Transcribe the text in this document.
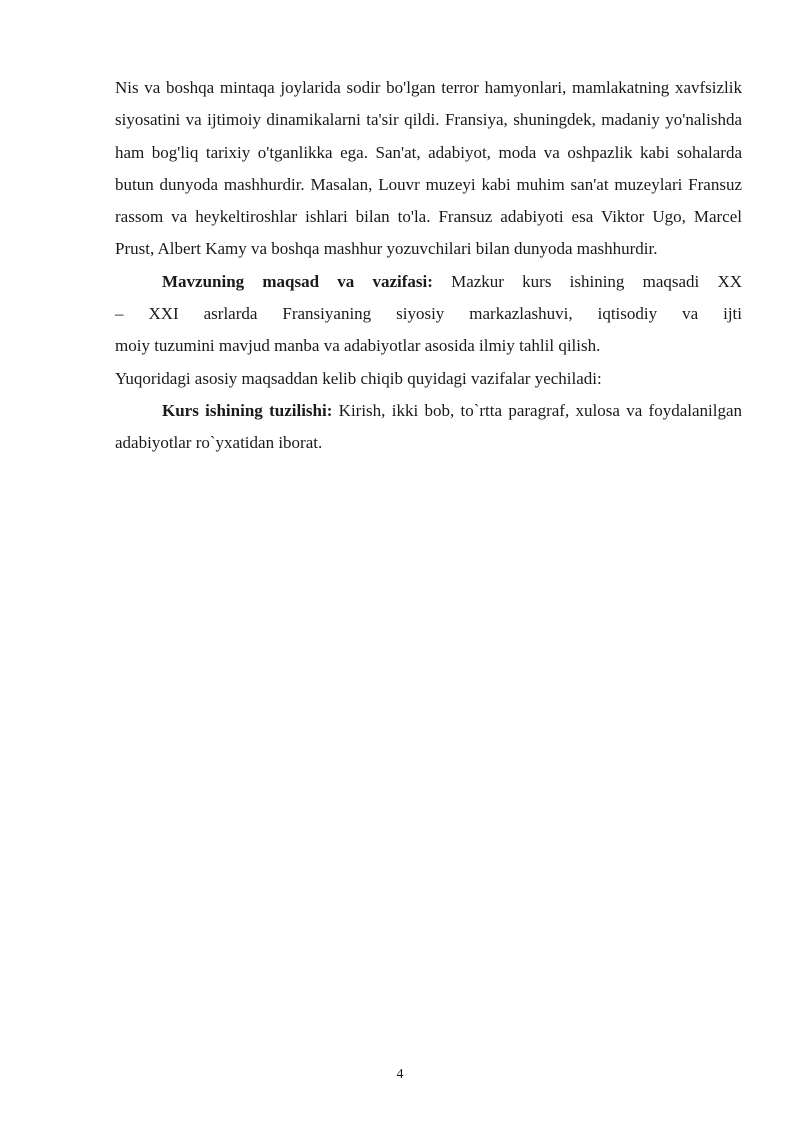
Nis va boshqa mintaqa joylarida sodir bo'lgan terror hamyonlari, mamlakatning xavfsizlik siyosatini va ijtimoiy dinamikalarni ta'sir qildi. Fransiya, shuningdek, madaniy yo'nalishda ham bog'liq tarixiy o'tganlikka ega. San'at, adabiyot, moda va oshpazlik kabi sohalarda butun dunyoda mashhurdir. Masalan, Louvr muzeyi kabi muhim san'at muzeylari Fransuz rassom va heykeltiroshlar ishlari bilan to'la. Fransuz adabiyoti esa Viktor Ugo, Marcel Prust, Albert Kamy va boshqa mashhur yozuvchilari bilan dunyoda mashhurdir.

Mavzuning maqsad va vazifasi: Mazkur kurs ishining maqsadi XX
– XXI asrlarda Fransiyaning siyosiy markazlashuvi, iqtisodiy va ijti
moiy tuzumini mavjud manba va adabiyotlar asosida ilmiy tahlil qilish.
Yuqoridagi asosiy maqsaddan kelib chiqib quyidagi vazifalar yechiladi:

Kurs ishining tuzilishi: Kirish, ikki bob, to`rtta paragraf, xulosa va foydalanilgan adabiyotlar ro`yxatidan iborat.

4
